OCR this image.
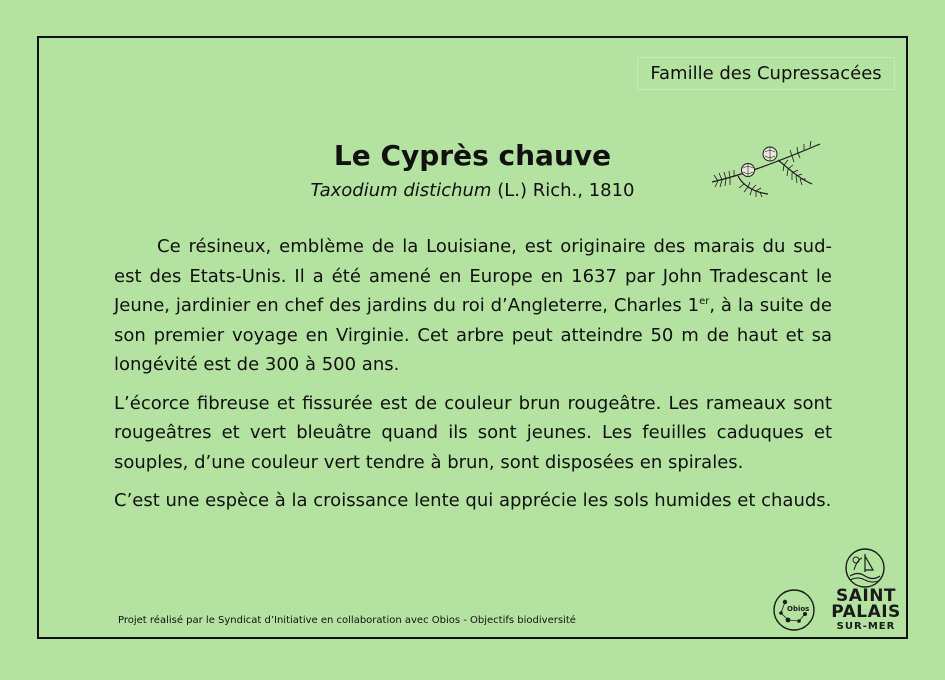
Famille des Cupressacées
Le Cyprès chauve
Taxodium distichum (L.) Rich., 1810

Ce résineux, emblème de la Louisiane, est originaire des marais du sud-est des Etats-Unis. Il a été amené en Europe en 1637 par John Tradescant le Jeune, jardinier en chef des jardins du roi d’Angleterre, Charles 1er, à la suite de son premier voyage en Virginie. Cet arbre peut atteindre 50 m de haut et sa longévité est de 300 à 500 ans.

L’écorce fibreuse et fissurée est de couleur brun rougeâtre. Les rameaux sont rougeâtres et vert bleuâtre quand ils sont jeunes. Les feuilles caduques et souples, d’une couleur vert tendre à brun, sont disposées en spirales.

C’est une espèce à la croissance lente qui apprécie les sols humides et chauds.

Projet réalisé par le Syndicat d’Initiative en collaboration avec Obios - Objectifs biodiversité
Obios
SAINT
PALAIS
SUR-MER
